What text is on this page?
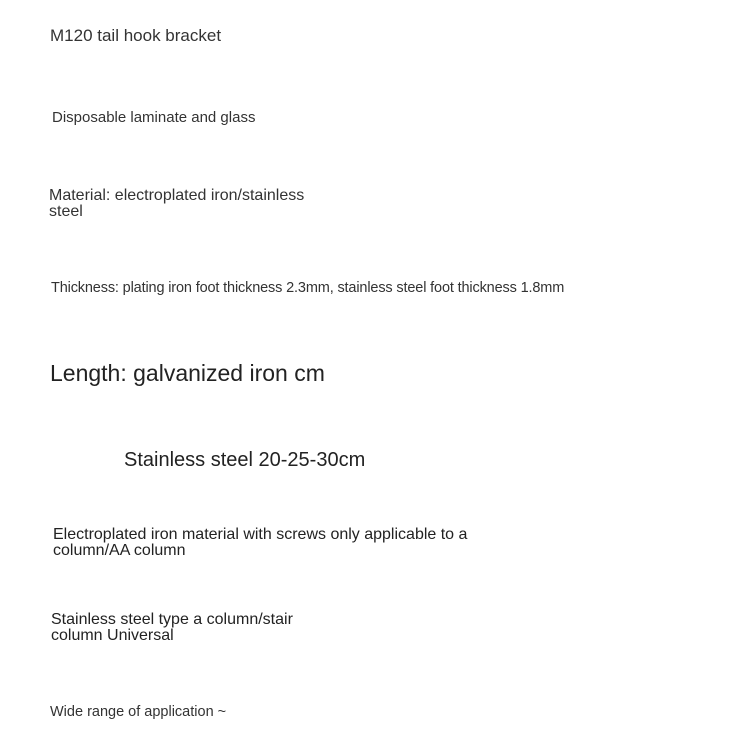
M120 tail hook bracket

Disposable laminate and glass

Material: electroplated iron/stainless steel

Thickness: plating iron foot thickness 2.3mm, stainless steel foot thickness 1.8mm

Length: galvanized iron cm

Stainless steel 20-25-30cm

Electroplated iron material with screws only applicable to a column/AA column

Stainless steel type a column/stair column Universal

Wide range of application ~
